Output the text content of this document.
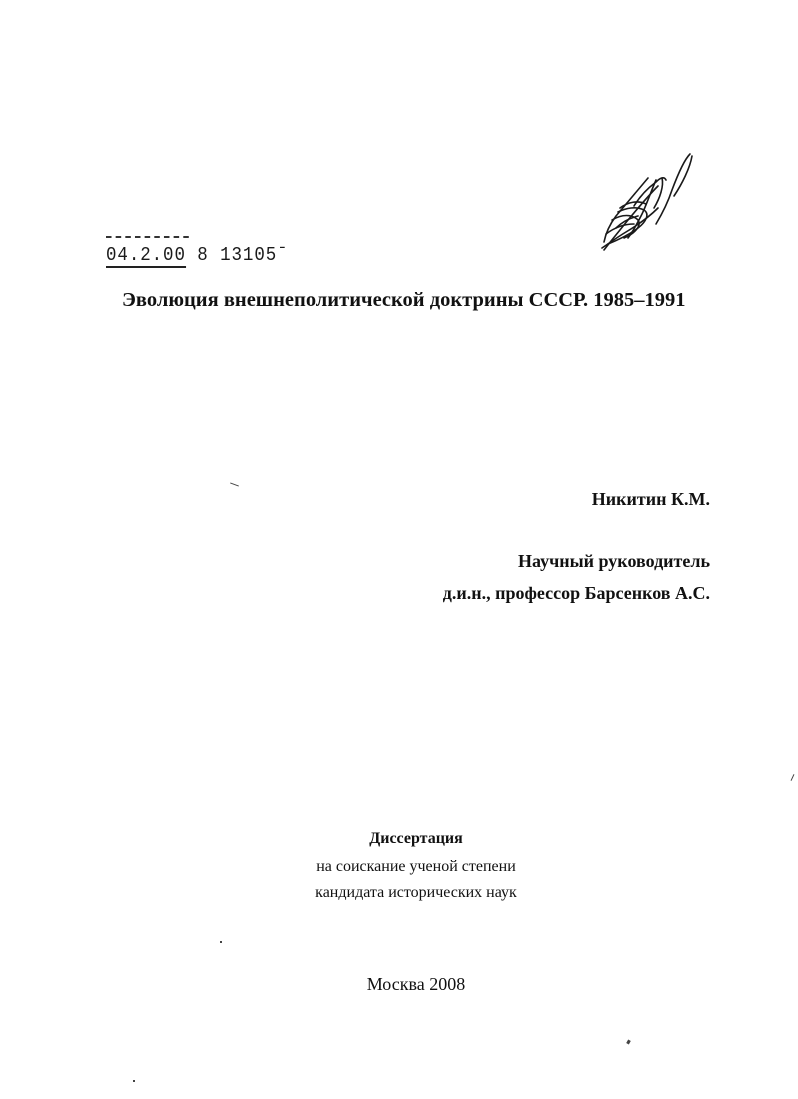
04.2.00 8 13105ˉ
Эволюция внешнеполитической доктрины СССР. 1985–1991
Никитин К.М.
Научный руководитель
д.и.н., профессор Барсенков А.С.
Диссертация
на соискание ученой степени
кандидата исторических наук
Москва 2008
